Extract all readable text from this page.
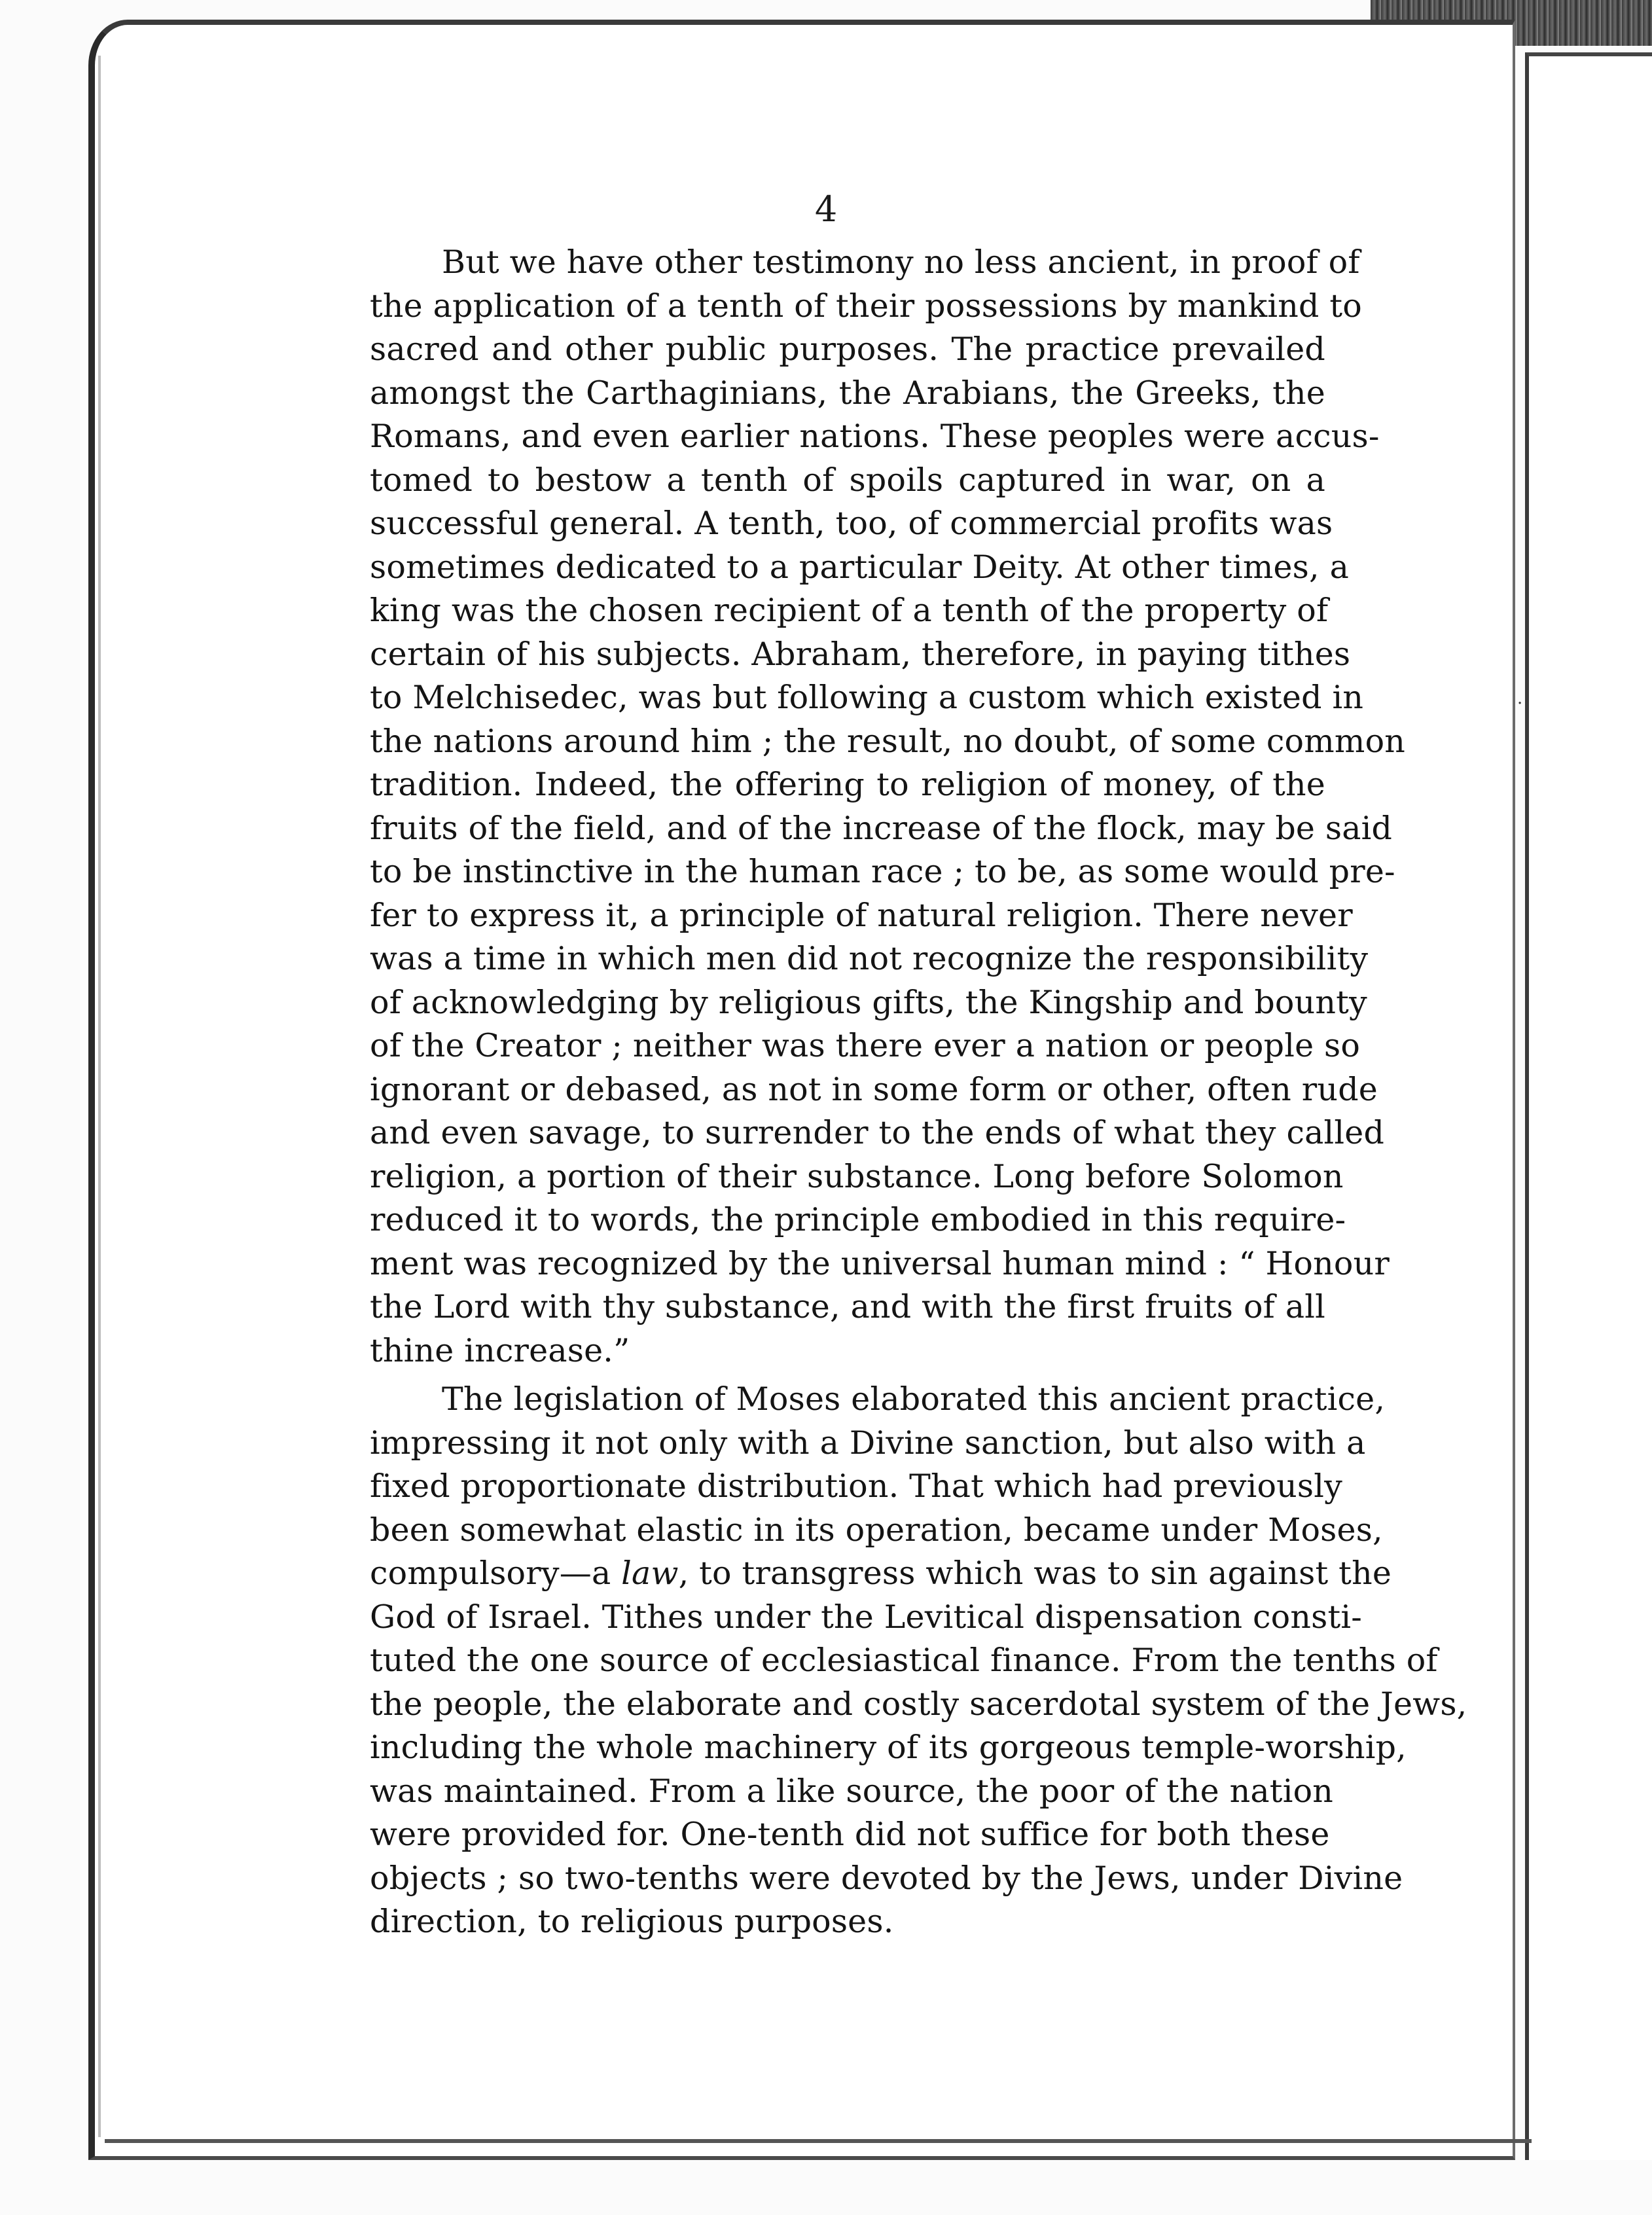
·
4
But we have other testimony no less ancient, in proof of
the application of a tenth of their possessions by mankind to
sacred and other public purposes. The practice prevailed
amongst the Carthaginians, the Arabians, the Greeks, the
Romans, and even earlier nations. These peoples were accus-
tomed to bestow a tenth of spoils captured in war, on a
successful general. A tenth, too, of commercial profits was
sometimes dedicated to a particular Deity. At other times, a
king was the chosen recipient of a tenth of the property of
certain of his subjects. Abraham, therefore, in paying tithes
to Melchisedec, was but following a custom which existed in
the nations around him ; the result, no doubt, of some common
tradition. Indeed, the offering to religion of money, of the
fruits of the field, and of the increase of the flock, may be said
to be instinctive in the human race ; to be, as some would pre-
fer to express it, a principle of natural religion. There never
was a time in which men did not recognize the responsibility
of acknowledging by religious gifts, the Kingship and bounty
of the Creator ; neither was there ever a nation or people so
ignorant or debased, as not in some form or other, often rude
and even savage, to surrender to the ends of what they called
religion, a portion of their substance. Long before Solomon
reduced it to words, the principle embodied in this require-
ment was recognized by the universal human mind : “ Honour
the Lord with thy substance, and with the first fruits of all
thine increase.”
The legislation of Moses elaborated this ancient practice,
impressing it not only with a Divine sanction, but also with a
fixed proportionate distribution. That which had previously
been somewhat elastic in its operation, became under Moses,
compulsory—a law, to transgress which was to sin against the
God of Israel. Tithes under the Levitical dispensation consti-
tuted the one source of ecclesiastical finance. From the tenths of
the people, the elaborate and costly sacerdotal system of the Jews,
including the whole machinery of its gorgeous temple-worship,
was maintained. From a like source, the poor of the nation
were provided for. One-tenth did not suffice for both these
objects ; so two-tenths were devoted by the Jews, under Divine
direction, to religious purposes.
